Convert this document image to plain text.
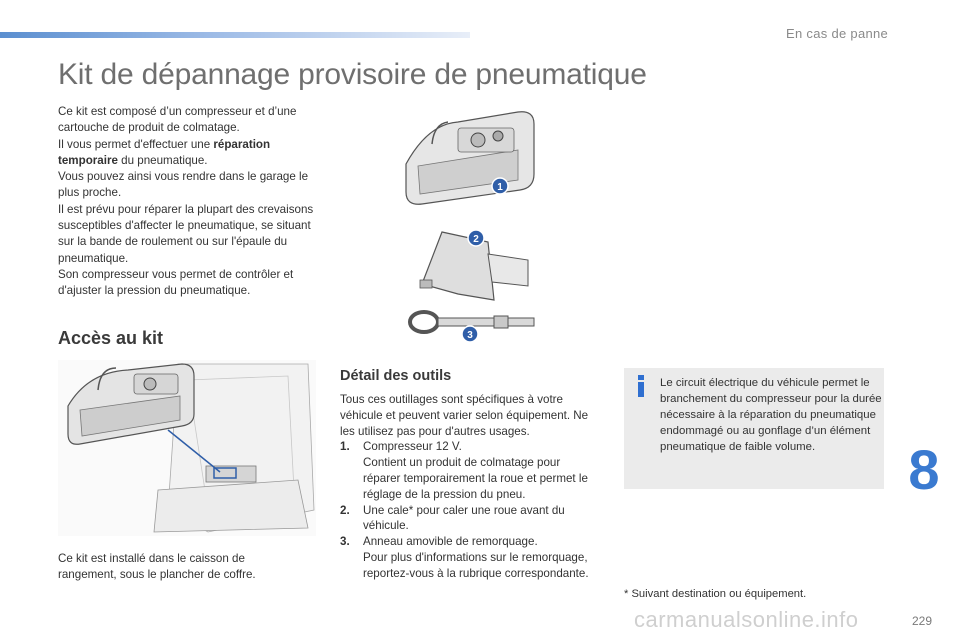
En cas de panne
Kit de dépannage provisoire de pneumatique

Ce kit est composé d’un compresseur et d’une cartouche de produit de colmatage.

Il vous permet d'effectuer une réparation temporaire du pneumatique.

Vous pouvez ainsi vous rendre dans le garage le plus proche.

Il est prévu pour réparer la plupart des crevaisons susceptibles d'affecter le pneumatique, se situant sur la bande de roulement ou sur l'épaule du pneumatique.

Son compresseur vous permet de contrôler et d'ajuster la pression du pneumatique.

1
2
3
Accès au kit
Ce kit est installé dans le caisson de rangement, sous le plancher de coffre.
Détail des outils

Tous ces outillages sont spécifiques à votre véhicule et peuvent varier selon équipement. Ne les utilisez pas pour d'autres usages.

1.	Compresseur 12 V.
Contient un produit de colmatage pour réparer temporairement la roue et permet le réglage de la pression du pneu.
2.	Une cale* pour caler une roue avant du véhicule.
3.	Anneau amovible de remorquage.
Pour plus d'informations sur le remorquage, reportez-vous à la rubrique correspondante.
Le circuit électrique du véhicule permet le branchement du compresseur pour la durée nécessaire à la réparation du pneumatique endommagé ou au gonflage d’un élément pneumatique de faible volume.
* Suivant destination ou équipement.
8
carmanualsonline.info	229
